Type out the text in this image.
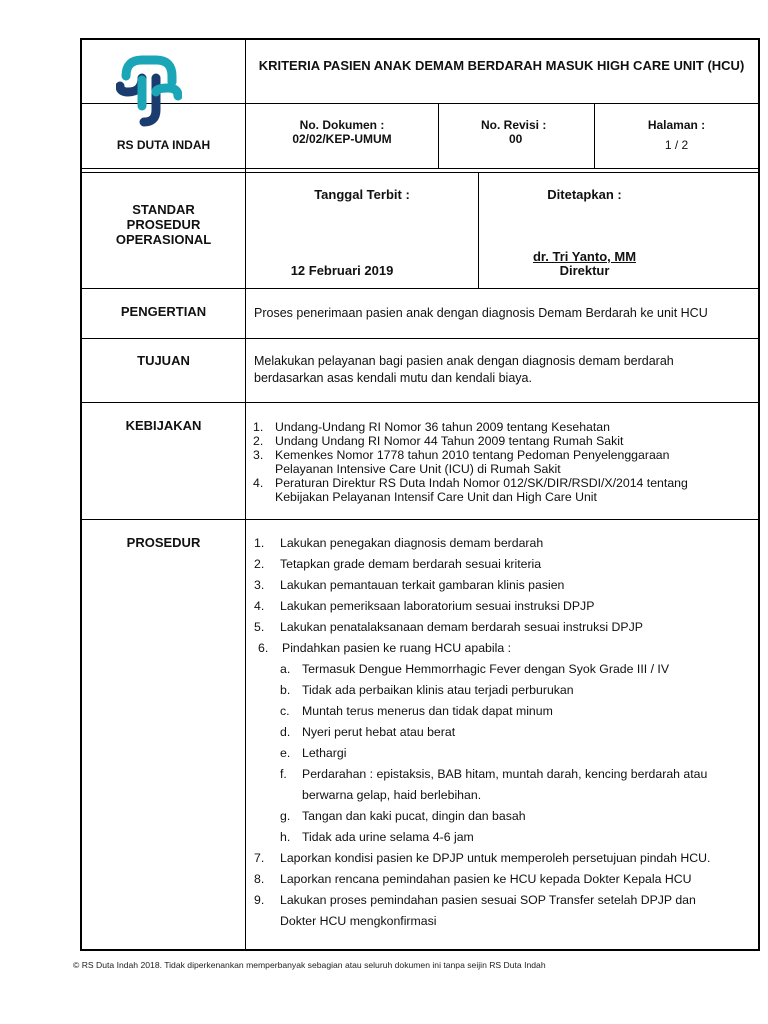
RS DUTA INDAH
KRITERIA PASIEN ANAK DEMAM BERDARAH MASUK HIGH CARE UNIT (HCU)
No. Dokumen :
02/02/KEP-UMUM
No. Revisi :
00
Halaman :
1 / 2
STANDAR
PROSEDUR
OPERASIONAL
Tanggal Terbit :
12 Februari 2019
Ditetapkan :
dr. Tri Yanto, MM
Direktur
PENGERTIAN	Proses penerimaan pasien anak dengan diagnosis Demam Berdarah ke unit HCU
TUJUAN	Melakukan pelayanan bagi pasien anak dengan diagnosis demam berdarah berdasarkan asas kendali mutu dan kendali biaya.
KEBIJAKAN	1. Undang-Undang RI Nomor 36 tahun 2009 tentang Kesehatan
2. Undang Undang RI Nomor 44 Tahun 2009 tentang Rumah Sakit
3. Kemenkes Nomor 1778 tahun 2010 tentang Pedoman Penyelenggaraan Pelayanan Intensive Care Unit (ICU) di Rumah Sakit
4. Peraturan Direktur RS Duta Indah Nomor 012/SK/DIR/RSDI/X/2014 tentang Kebijakan Pelayanan Intensif Care Unit dan High Care Unit
PROSEDUR	1. Lakukan penegakan diagnosis demam berdarah
2. Tetapkan grade demam berdarah sesuai kriteria
3. Lakukan pemantauan terkait gambaran klinis pasien
4. Lakukan pemeriksaan laboratorium sesuai instruksi DPJP
5. Lakukan penatalaksanaan demam berdarah sesuai instruksi DPJP
6. Pindahkan pasien ke ruang HCU apabila :
a. Termasuk Dengue Hemmorrhagic Fever dengan Syok Grade III / IV
b. Tidak ada perbaikan klinis atau terjadi perburukan
c. Muntah terus menerus dan tidak dapat minum
d. Nyeri perut hebat atau berat
e. Lethargi
f. Perdarahan : epistaksis, BAB hitam, muntah darah, kencing berdarah atau berwarna gelap, haid berlebihan.
g. Tangan dan kaki pucat, dingin dan basah
h. Tidak ada urine selama 4-6 jam
7. Laporkan kondisi pasien ke DPJP untuk memperoleh persetujuan pindah HCU.
8. Laporkan rencana pemindahan pasien ke HCU kepada Dokter Kepala HCU
9. Lakukan proses pemindahan pasien sesuai SOP Transfer setelah DPJP dan Dokter HCU mengkonfirmasi
© RS Duta Indah 2018. Tidak diperkenankan memperbanyak sebagian atau seluruh dokumen ini tanpa seijin RS Duta Indah
